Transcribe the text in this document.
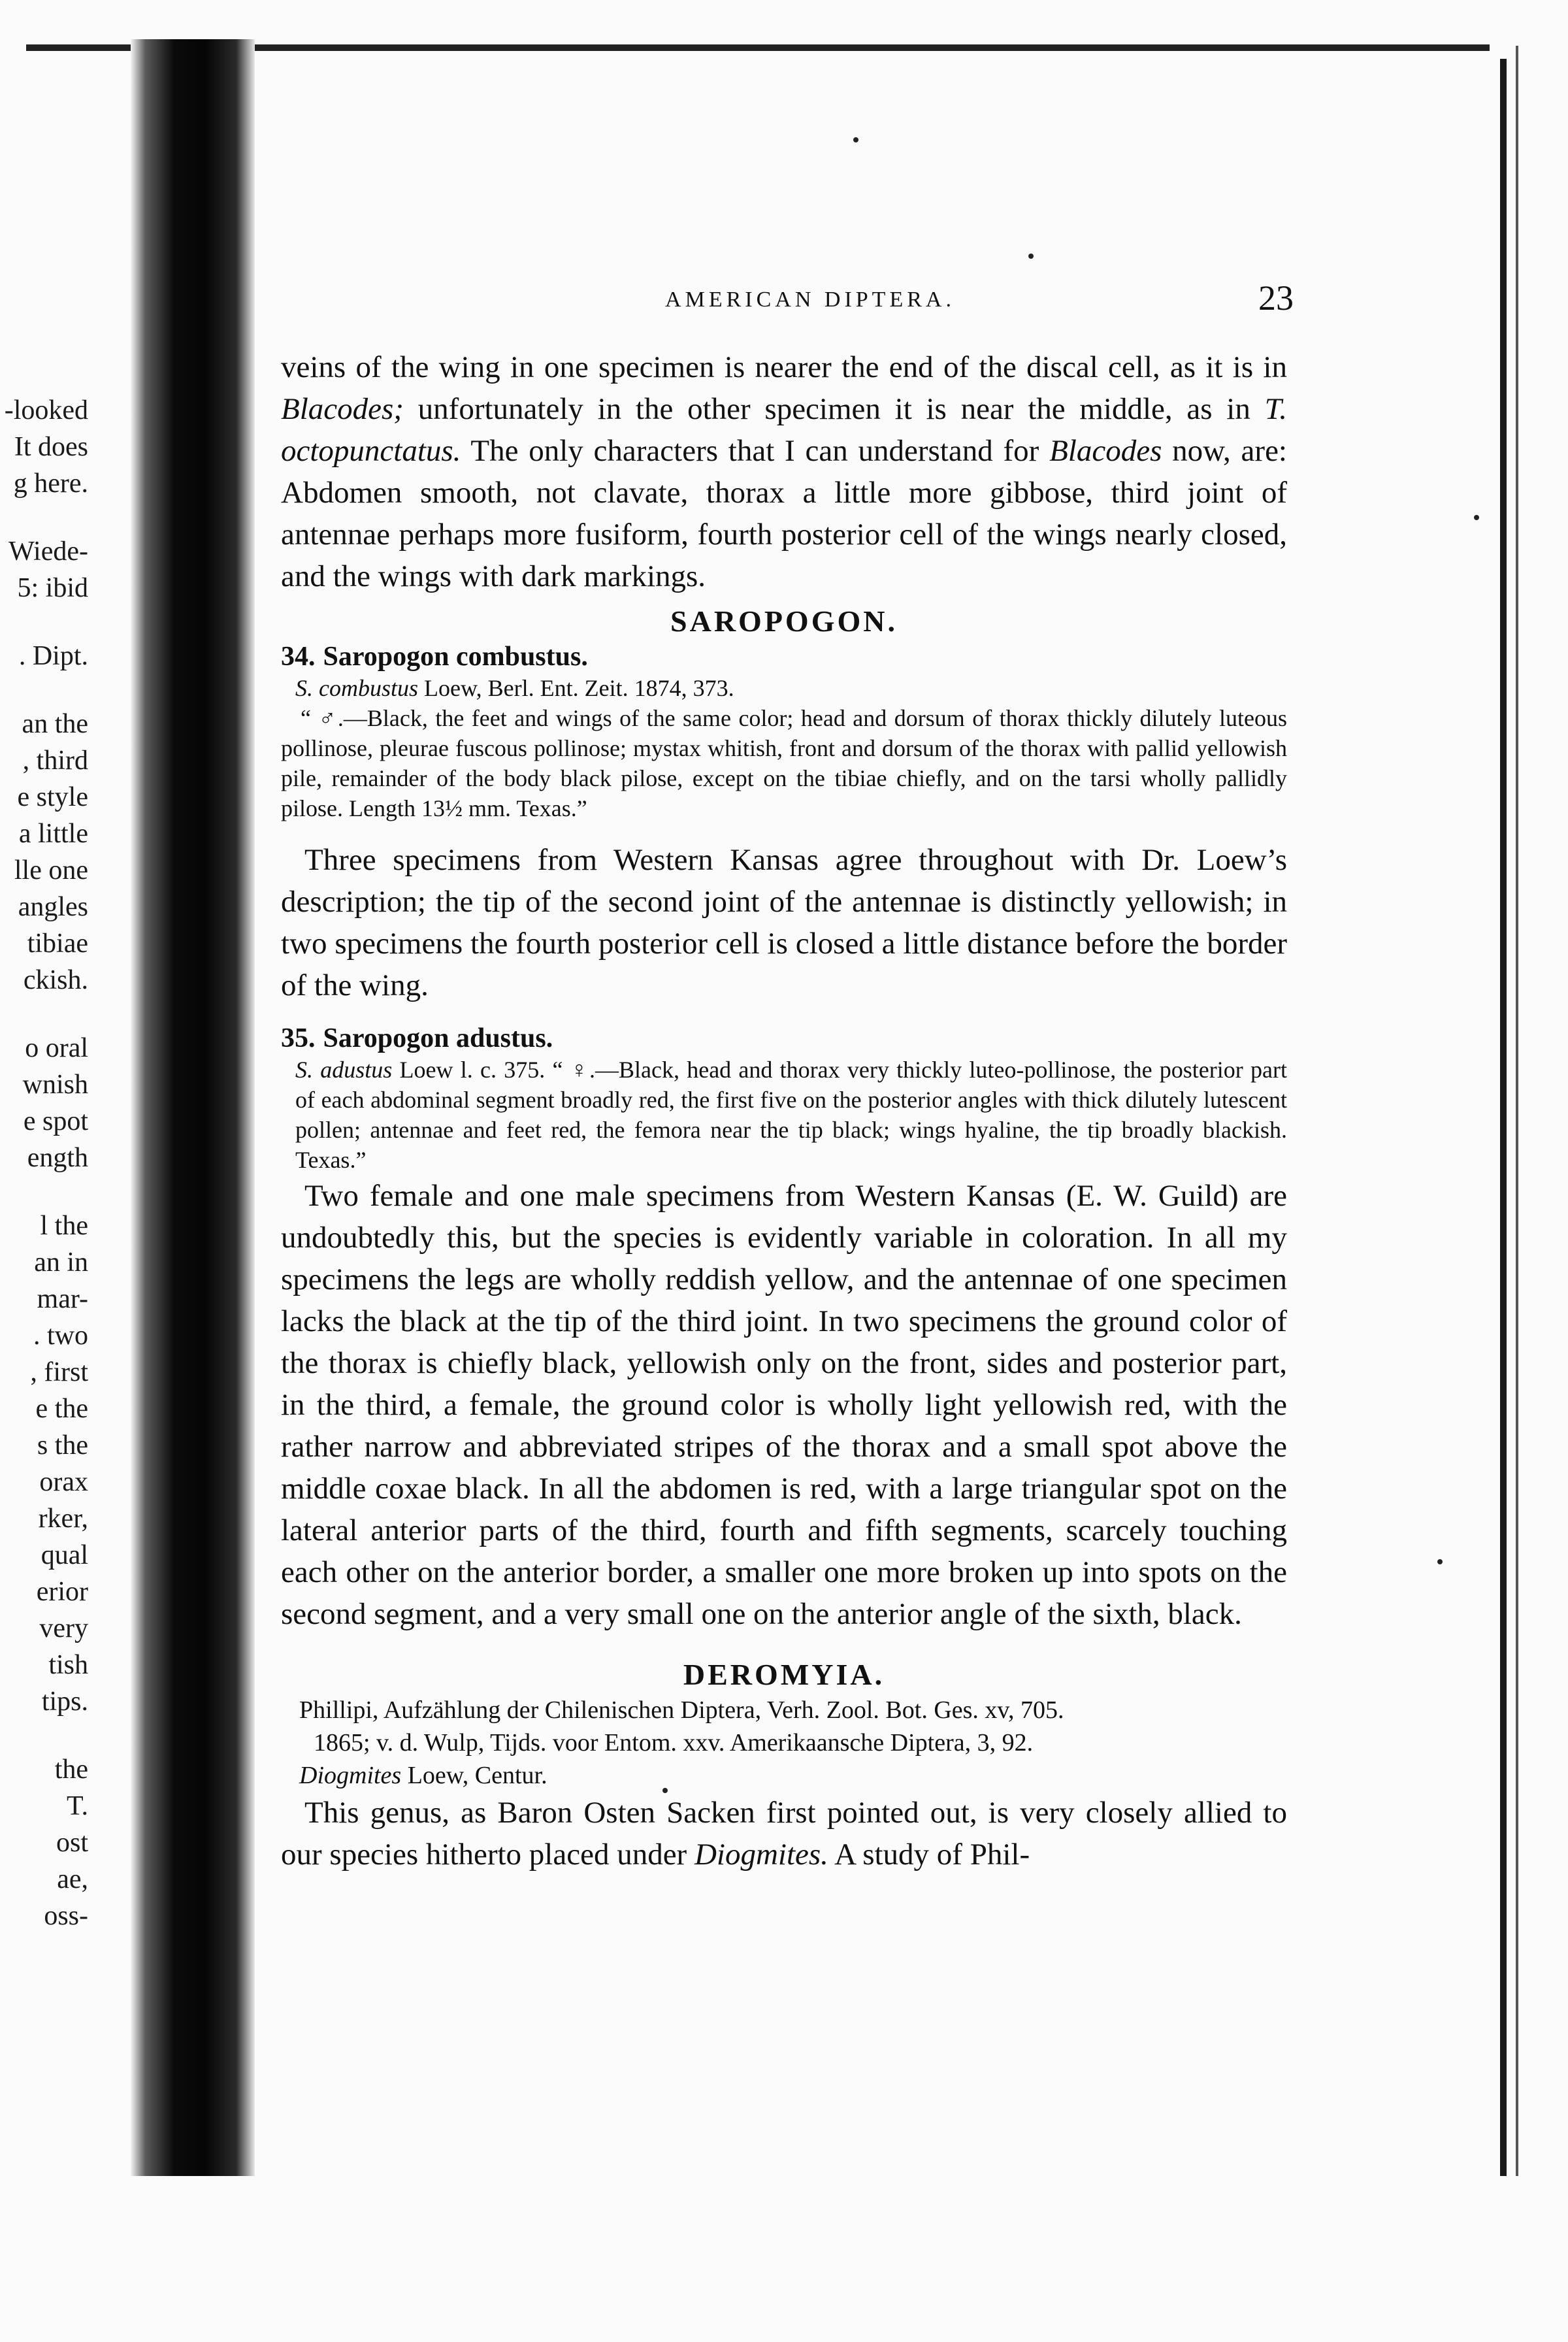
-looked
It does
g here.
Wiede-
5: ibid
. Dipt.
an the
, third
e style
a little
lle one
angles
tibiae
ckish.
o oral
wnish
e spot
ength
l the
an in
mar-
. two
, first
e the
s the
orax
rker,
qual
erior
very
tish
tips.
the
T.
ost
ae,
oss-
AMERICAN DIPTERA.	23

veins of the wing in one specimen is nearer the end of the discal cell, as it is in Blacodes; unfortunately in the other specimen it is near the middle, as in T. octopunctatus. The only characters that I can understand for Blacodes now, are: Abdomen smooth, not clavate, thorax a little more gibbose, third joint of antennae perhaps more fusiform, fourth posterior cell of the wings nearly closed, and the wings with dark markings.

SAROPOGON.

34. Saropogon combustus.

S. combustus Loew, Berl. Ent. Zeit. 1874, 373.

“ ♂.—Black, the feet and wings of the same color; head and dorsum of thorax thickly dilutely luteous pollinose, pleurae fuscous pollinose; mystax whitish, front and dorsum of the thorax with pallid yellowish pile, remainder of the body black pilose, except on the tibiae chiefly, and on the tarsi wholly pallidly pilose. Length 13½ mm. Texas.”

Three specimens from Western Kansas agree throughout with Dr. Loew’s description; the tip of the second joint of the antennae is distinctly yellowish; in two specimens the fourth posterior cell is closed a little distance before the border of the wing.

35. Saropogon adustus.

S. adustus Loew l. c. 375. “ ♀.—Black, head and thorax very thickly luteo-pollinose, the posterior part of each abdominal segment broadly red, the first five on the posterior angles with thick dilutely lutescent pollen; antennae and feet red, the femora near the tip black; wings hyaline, the tip broadly blackish. Texas.”

Two female and one male specimens from Western Kansas (E. W. Guild) are undoubtedly this, but the species is evidently variable in coloration. In all my specimens the legs are wholly reddish yellow, and the antennae of one specimen lacks the black at the tip of the third joint. In two specimens the ground color of the thorax is chiefly black, yellowish only on the front, sides and posterior part, in the third, a female, the ground color is wholly light yellowish red, with the rather narrow and abbreviated stripes of the thorax and a small spot above the middle coxae black. In all the abdomen is red, with a large triangular spot on the lateral anterior parts of the third, fourth and fifth segments, scarcely touching each other on the anterior border, a smaller one more broken up into spots on the second segment, and a very small one on the anterior angle of the sixth, black.

DEROMYIA.
Phillipi, Aufzählung der Chilenischen Diptera, Verh. Zool. Bot. Ges. xv, 705.
1865; v. d. Wulp, Tijds. voor Entom. xxv. Amerikaansche Diptera, 3, 92.
Diogmites Loew, Centur.

This genus, as Baron Osten Sacken first pointed out, is very closely allied to our species hitherto placed under Diogmites. A study of Phil-
